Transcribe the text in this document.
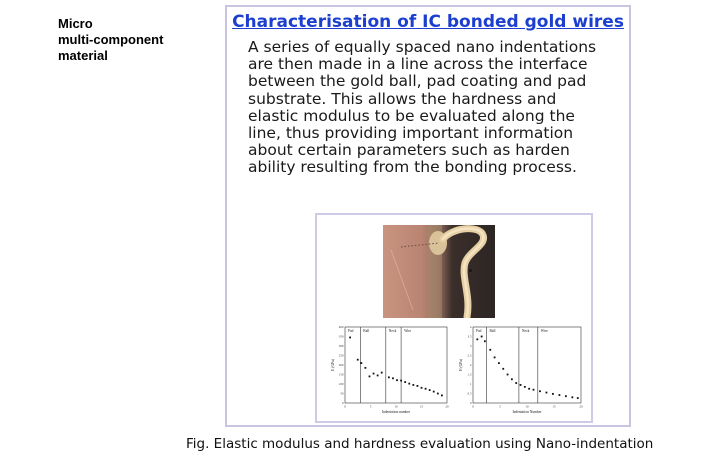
Micro
multi-component
material
Characterisation of IC bonded gold wires
A series of equally spaced nano indentations
are then made in a line across the interface
between the gold ball, pad coating and pad
substrate. This allows the hardness and
elastic modulus to be evaluated along the
line, thus providing important information
about certain parameters such as harden
ability resulting from the bonding process.
Pad	Ball	Neck Wire
0
50
100
150
200
250
300
350
400
0	5	10	15	20
Indentation number
E (GPa)
Pad Ball	Neck	Wire
0
0.5
1
1.5
2
2.5
3
3.5
4
0	5	10	15	20
Indentation Number
H (GPa)
Fig. Elastic modulus and hardness evaluation using Nano-indentation
